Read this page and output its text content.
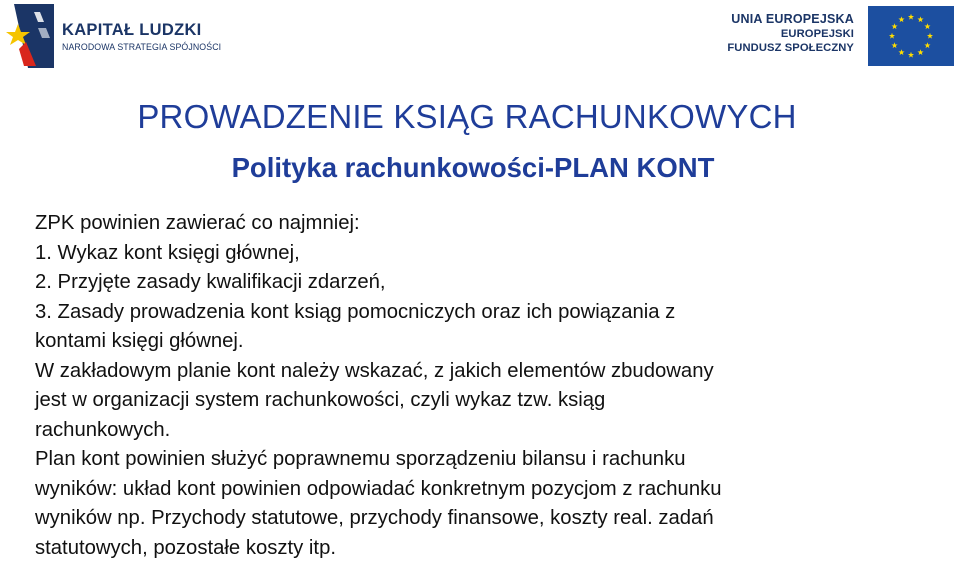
KAPITAŁ LUDZKI
NARODOWA STRATEGIA SPÓJNOŚCI
UNIA EUROPEJSKA
EUROPEJSKI
FUNDUSZ SPOŁECZNY
PROWADZENIE KSIĄG RACHUNKOWYCH
Polityka rachunkowości-PLAN KONT

ZPK powinien zawierać co najmniej:

1. Wykaz kont księgi głównej,

2. Przyjęte zasady kwalifikacji zdarzeń,

3. Zasady prowadzenia kont ksiąg pomocniczych oraz ich powiązania z

kontami księgi głównej.

W zakładowym planie kont należy wskazać, z jakich elementów zbudowany

jest w organizacji system rachunkowości, czyli wykaz tzw. ksiąg

rachunkowych.

Plan kont powinien służyć poprawnemu sporządzeniu bilansu i rachunku

wyników: układ kont powinien odpowiadać konkretnym pozycjom z rachunku

wyników np. Przychody statutowe, przychody finansowe, koszty real. zadań

statutowych, pozostałe koszty itp.
